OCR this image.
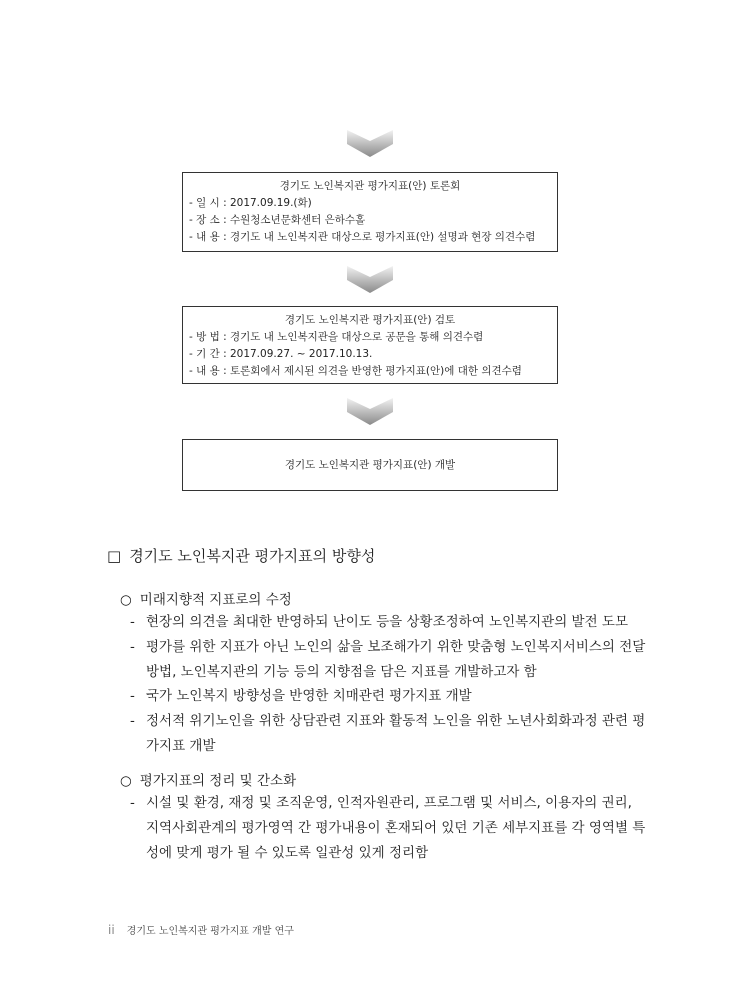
경기도 노인복지관 평가지표(안) 토론회
- 일 시 : 2017.09.19.(화)
- 장 소 : 수원청소년문화센터 은하수홀
- 내 용 : 경기도 내 노인복지관 대상으로 평가지표(안) 설명과 현장 의견수렴
경기도 노인복지관 평가지표(안) 검토
- 방 법 : 경기도 내 노인복지관을 대상으로 공문을 통해 의견수렴
- 기 간 : 2017.09.27. ~ 2017.10.13.
- 내 용 : 토론회에서 제시된 의견을 반영한 평가지표(안)에 대한 의견수렴
경기도 노인복지관 평가지표(안) 개발
□ 경기도 노인복지관 평가지표의 방향성
○ 미래지향적 지표로의 수정
- 현장의 의견을 최대한 반영하되 난이도 등을 상황조정하여 노인복지관의 발전 도모
- 평가를 위한 지표가 아닌 노인의 삶을 보조해가기 위한 맞춤형 노인복지서비스의 전달
방법, 노인복지관의 기능 등의 지향점을 담은 지표를 개발하고자 함
- 국가 노인복지 방향성을 반영한 치매관련 평가지표 개발
- 정서적 위기노인을 위한 상담관련 지표와 활동적 노인을 위한 노년사회화과정 관련 평
가지표 개발
○ 평가지표의 정리 및 간소화
- 시설 및 환경, 재정 및 조직운영, 인적자원관리, 프로그램 및 서비스, 이용자의 권리,
지역사회관계의 평가영역 간 평가내용이 혼재되어 있던 기존 세부지표를 각 영역별 특
성에 맞게 평가 될 수 있도록 일관성 있게 정리함
ii 경기도 노인복지관 평가지표 개발 연구
